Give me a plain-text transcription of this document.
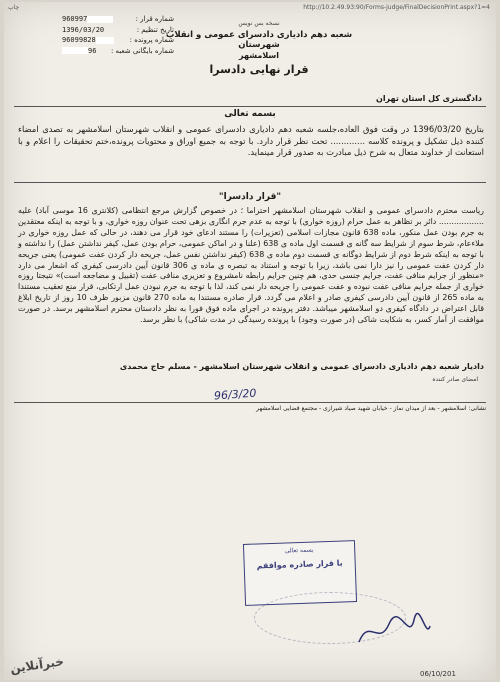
چاپ	http://10.2.49.93:90/Forms-judge/FinalDecisionPrint.aspx?1=4
شماره قرار :
960997
تاریخ تنظیم :
1396/03/20
شماره پرونده :
96099828
شماره بایگانی شعبه :
96
نسخه بس نویس
شعبه دهم دادیاری دادسرای عمومی و انقلاب شهرستان
اسلامشهر
قرار نهایی دادسرا
دادگستری کل استان تهران
بسمه تعالی
بتاریخ 1396/03/20 در وقت فوق العاده،جلسه شعبه دهم دادیاری دادسرای عمومی و انقلاب شهرستان اسلامشهر به تصدی امضاء کننده ذیل تشکیل و پرونده کلاسه ............. تحت نظر قرار دارد. با توجه به جمیع اوراق و محتویات پرونده،ختم تحقیقات را اعلام و با استعانت از خداوند متعال به شرح ذیل مبادرت به صدور قرار مینماید.
"قرار دادسرا"
ریاست محترم دادسرای عمومی و انقلاب شهرستان اسلامشهر احتراما ؛ در خصوص گزارش مرجع انتظامی (کلانتری 16 موسی آباد) علیه .................. دائر بر تظاهر به عمل حرام (روزه خواری) با توجه به عدم جرم انگاری بزهی تحت عنوان روزه خواری، و با توجه به اینکه معتقدین به جرم بودن عمل منکور، ماده 638 قانون مجازات اسلامی (تعزیرات) را مستند ادعای خود قرار می دهند، در حالی که عمل روزه خواری در ملاءعام، شرط سوم از شرایط سه گانه ی قسمت اول ماده ی 638 (علنا و در اماکن عمومی، حرام بودن عمل، کیفر نداشتن عمل) را نداشته و با توجه به اینکه شرط دوم از شرایط دوگانه ی قسمت دوم ماده ی 638 (کیفر نداشتن نفس عمل، جریحه دار کردن عفت عمومی) یعنی جریحه دار کردن عفت عمومی را نیز دارا نمی باشد، زیرا با توجه و استناد به تبصره ی ماده ی 306 قانون آیین دادرسی کیفری که اشعار می دارد «منظور از جرایم منافی عفت، جرایم جنسی حدی، هم چنین جرایم رابطه نامشروع و تعزیری منافی عفت (تقبیل و مضاجعه است)» نتیجتا روزه خواری از جمله جرایم منافی عفت نبوده و عفت عمومی را جریحه دار نمی کند، لذا با توجه به جرم نبودن عمل ارتکابی، قرار منع تعقیب مستندا به ماده 265 از قانون آیین دادرسی کیفری صادر و اعلام می گردد. قرار صادره مستندا به ماده 270 قانون مزبور ظرف 10 روز از تاریخ ابلاغ قابل اعتراض در دادگاه کیفری دو اسلامشهر میباشد. دفتر پرونده در اجرای ماده فوق فورا به نظر دادستان محترم اسلامشهر برسد. در صورت موافقت از آمار کسر، به شکایت شاکی (در صورت وجود) با پرونده رسیدگی در مدت شاکی) با نظر برسد.
دادیار شعبه دهم دادیاری دادسرای عمومی و انقلاب شهرستان اسلامشهر - مسلم حاج محمدی
امضای صادر کننده
96/3/20
نشانی: اسلامشهر - بعد از میدان نماز - خیابان شهید صیاد شیرازی - مجتمع قضایی اسلامشهر
بسمه تعالی
با قرار صادره موافقم
06/10/201
خبرآنلاین
